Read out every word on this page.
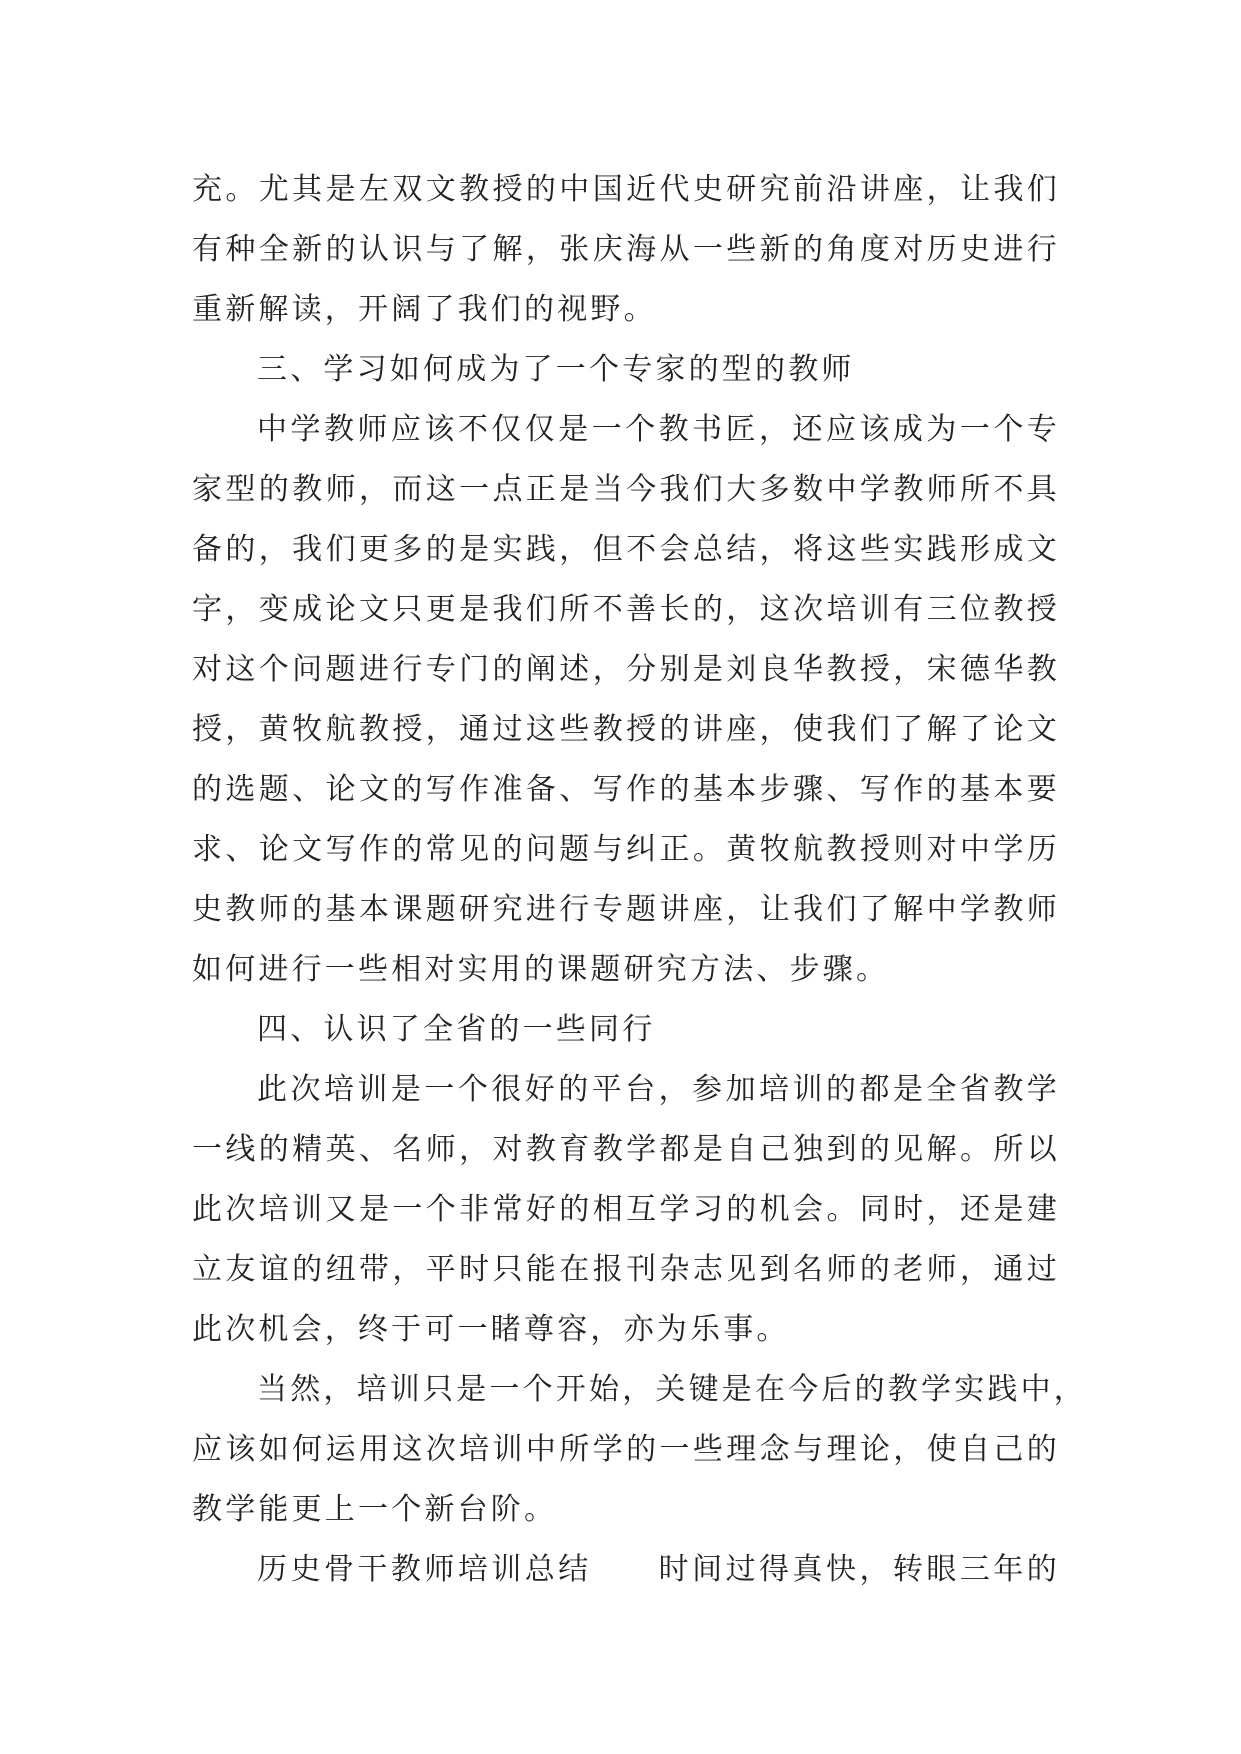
充。尤其是左双文教授的中国近代史研究前沿讲座，让我们
有种全新的认识与了解，张庆海从一些新的角度对历史进行
重新解读，开阔了我们的视野。
三、学习如何成为了一个专家的型的教师
中学教师应该不仅仅是一个教书匠，还应该成为一个专
家型的教师，而这一点正是当今我们大多数中学教师所不具
备的，我们更多的是实践，但不会总结，将这些实践形成文
字，变成论文只更是我们所不善长的，这次培训有三位教授
对这个问题进行专门的阐述，分别是刘良华教授，宋德华教
授，黄牧航教授，通过这些教授的讲座，使我们了解了论文
的选题、论文的写作准备、写作的基本步骤、写作的基本要
求、论文写作的常见的问题与纠正。黄牧航教授则对中学历
史教师的基本课题研究进行专题讲座，让我们了解中学教师
如何进行一些相对实用的课题研究方法、步骤。
四、认识了全省的一些同行
此次培训是一个很好的平台，参加培训的都是全省教学
一线的精英、名师，对教育教学都是自己独到的见解。所以
此次培训又是一个非常好的相互学习的机会。同时，还是建
立友谊的纽带，平时只能在报刊杂志见到名师的老师，通过
此次机会，终于可一睹尊容，亦为乐事。
当然，培训只是一个开始，关键是在今后的教学实践中，
应该如何运用这次培训中所学的一些理念与理论，使自己的
教学能更上一个新台阶。
历史骨干教师培训总结　　时间过得真快，转眼三年的
